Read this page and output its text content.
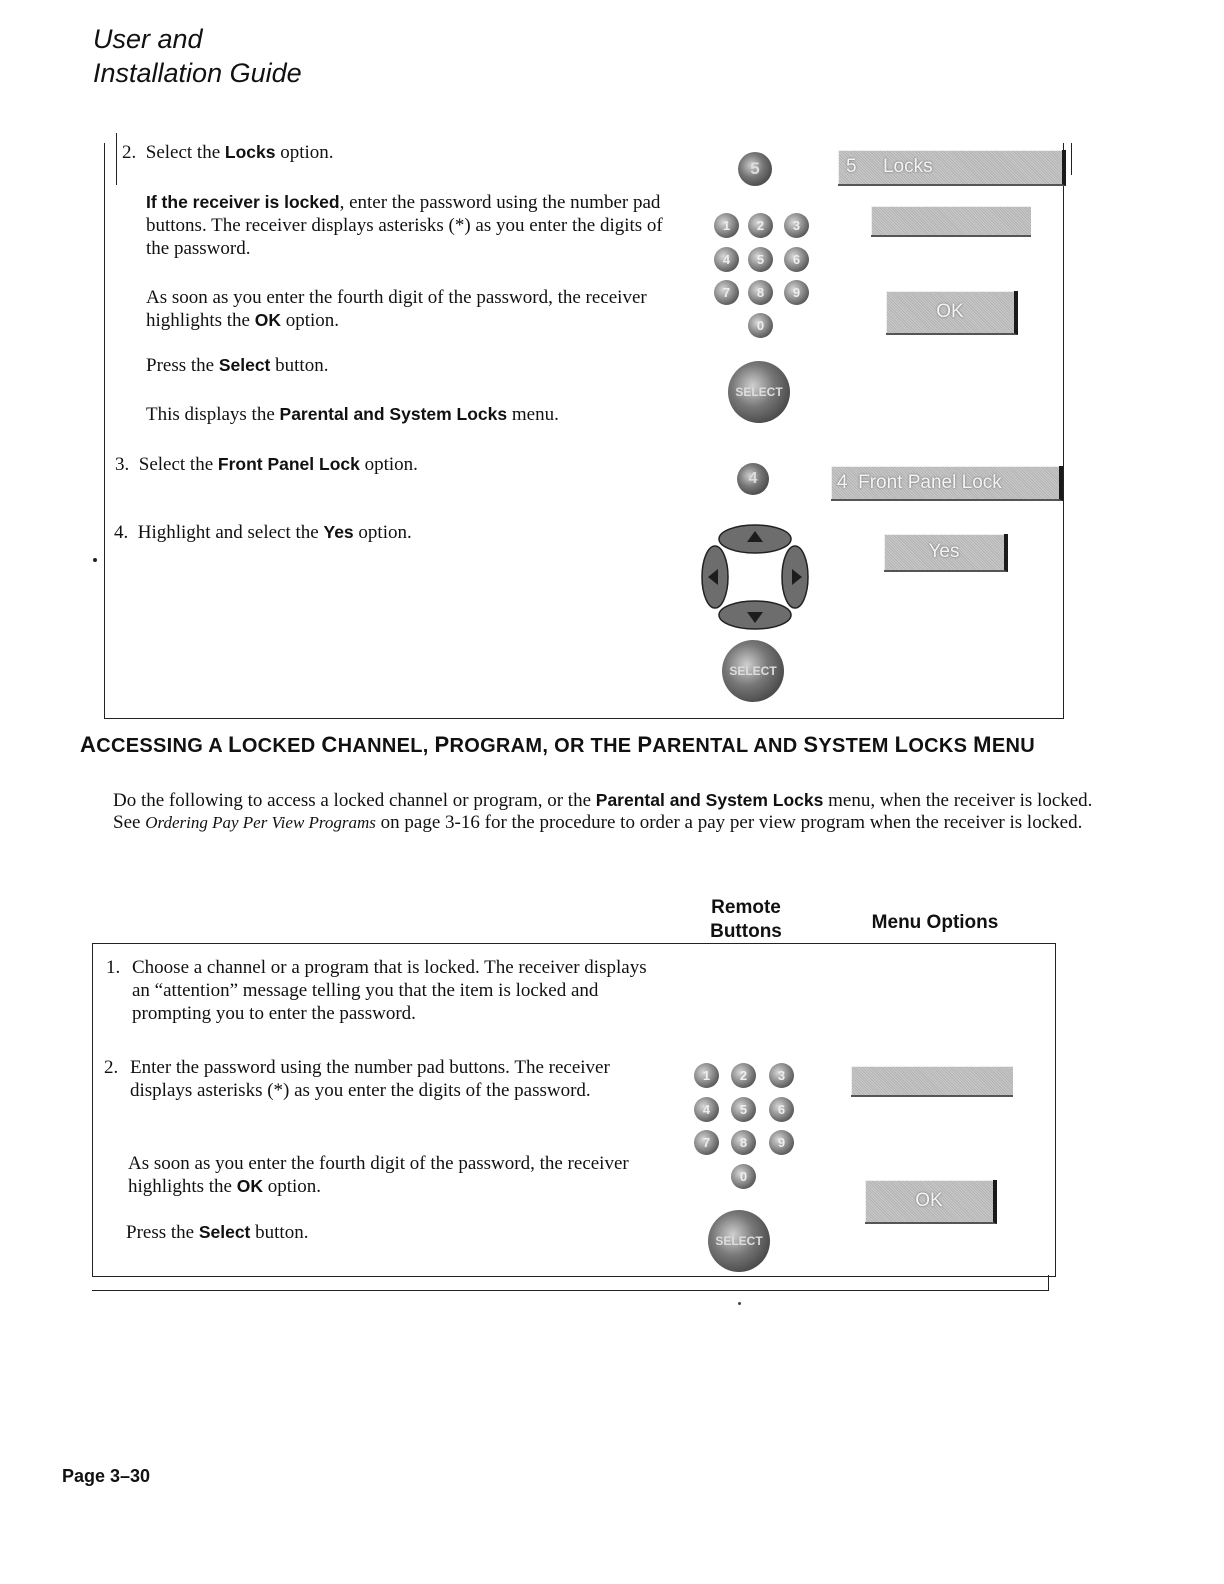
User and
Installation Guide
2. Select the Locks option.
If the receiver is locked, enter the password using the number pad buttons. The receiver displays asterisks (*) as you enter the digits of the password.
As soon as you enter the fourth digit of the password, the receiver highlights the OK option.
Press the Select button.
This displays the Parental and System Locks menu.
3. Select the Front Panel Lock option.
4. Highlight and select the Yes option.
5
1	2	3
4	5	6
7	8	9
0
SELECT
4
SELECT
5     Locks
OK
4  Front Panel Lock
Yes
ACCESSING A LOCKED CHANNEL, PROGRAM, OR THE PARENTAL AND SYSTEM LOCKS MENU
Do the following to access a locked channel or program, or the Parental and System Locks menu, when the receiver is locked. See Ordering Pay Per View Programs on page 3-16 for the procedure to order a pay per view program when the receiver is locked.
Remote
Buttons	Menu Options
1. Choose a channel or a program that is locked. The receiver displays an “attention” message telling you that the item is locked and prompting you to enter the password.
2. Enter the password using the number pad buttons. The receiver displays asterisks (*) as you enter the digits of the password.
As soon as you enter the fourth digit of the password, the receiver highlights the OK option.
Press the Select button.
1	2	3
4	5	6
7	8	9
0
SELECT
OK
Page 3–30
